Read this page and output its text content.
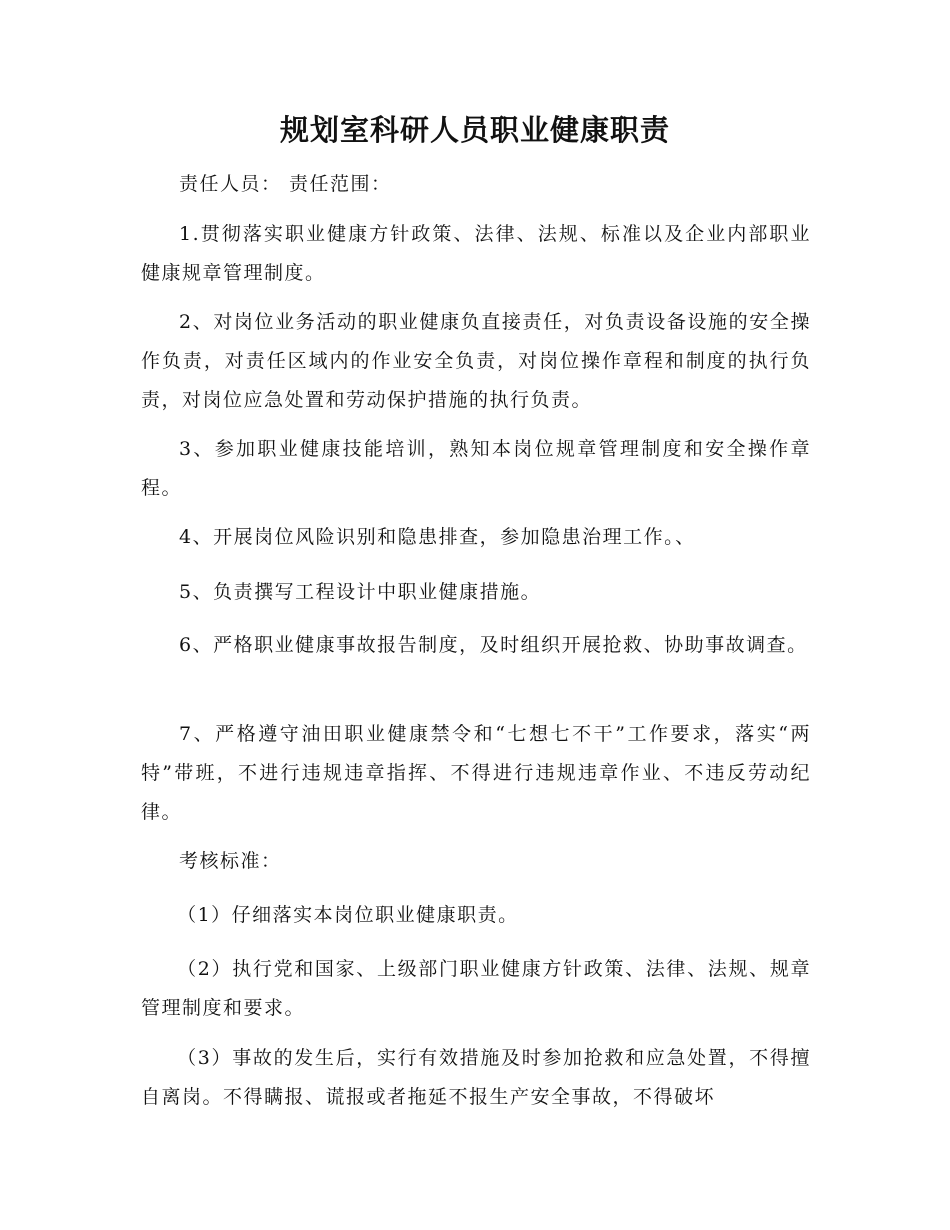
规划室科研人员职业健康职责

责任人员： 责任范围：

1.贯彻落实职业健康方针政策、法律、法规、标准以及企业内部职业健康规章管理制度。

2、对岗位业务活动的职业健康负直接责任，对负责设备设施的安全操作负责，对责任区域内的作业安全负责，对岗位操作章程和制度的执行负责，对岗位应急处置和劳动保护措施的执行负责。

3、参加职业健康技能培训，熟知本岗位规章管理制度和安全操作章程。

4、开展岗位风险识别和隐患排查，参加隐患治理工作。、

5、负责撰写工程设计中职业健康措施。

6、严格职业健康事故报告制度，及时组织开展抢救、协助事故调查。

7、严格遵守油田职业健康禁令和“七想七不干”工作要求，落实“两特”带班，不进行违规违章指挥、不得进行违规违章作业、不违反劳动纪律。

考核标准：

（1）仔细落实本岗位职业健康职责。

（2）执行党和国家、上级部门职业健康方针政策、法律、法规、规章管理制度和要求。

（3）事故的发生后，实行有效措施及时参加抢救和应急处置，不得擅自离岗。不得瞒报、谎报或者拖延不报生产安全事故，不得破坏
